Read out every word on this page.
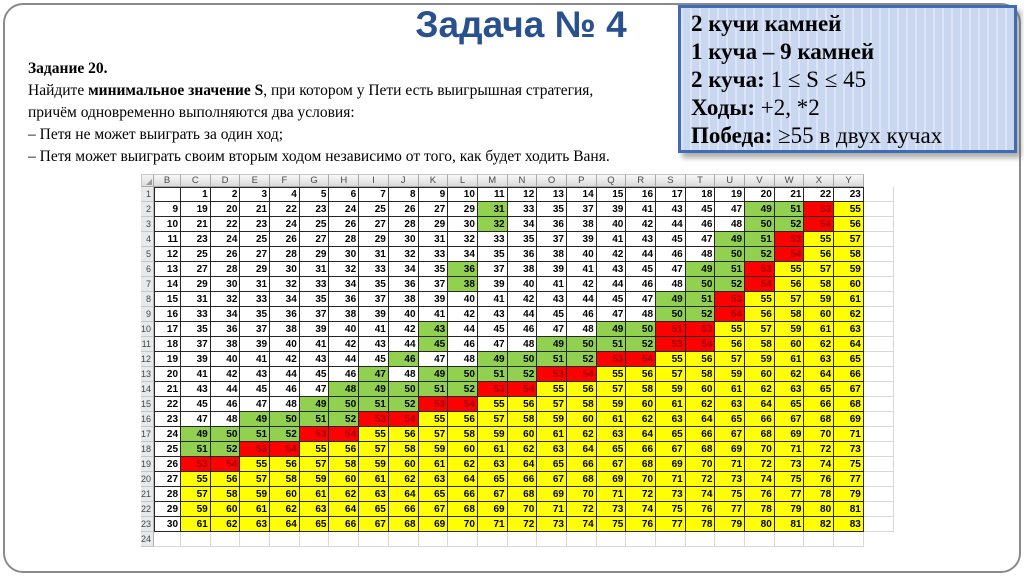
Задача № 4
Задание 20.
Найдите минимальное значение S, при котором у Пети есть выигрышная стратегия,
причём одновременно выполняются два условия:
– Петя не может выиграть за один ход;
– Петя может выиграть своим вторым ходом независимо от того, как будет ходить Ваня.
2 кучи камней
1 куча – 9 камней
2 куча: 1 ≤ S ≤ 45
Ходы: +2, *2
Победа: ≥55 в двух кучах
	B	C	D	E	F	G	H	I	J	K	L	M	N	O	P	Q	R	S	T	U	V	W	X	Y	
1		1	2	3	4	5	6	7	8	9	10	11	12	13	14	15	16	17	18	19	20	21	22	23	
2	9	19	20	21	22	23	24	25	26	27	29	31	33	35	37	39	41	43	45	47	49	51	53	55	
3	10	21	22	23	24	25	26	27	28	29	30	32	34	36	38	40	42	44	46	48	50	52	54	56	
4	11	23	24	25	26	27	28	29	30	31	32	33	35	37	39	41	43	45	47	49	51	53	55	57	
5	12	25	26	27	28	29	30	31	32	33	34	35	36	38	40	42	44	46	48	50	52	54	56	58	
6	13	27	28	29	30	31	32	33	34	35	36	37	38	39	41	43	45	47	49	51	53	55	57	59	
7	14	29	30	31	32	33	34	35	36	37	38	39	40	41	42	44	46	48	50	52	54	56	58	60	
8	15	31	32	33	34	35	36	37	38	39	40	41	42	43	44	45	47	49	51	53	55	57	59	61	
9	16	33	34	35	36	37	38	39	40	41	42	43	44	45	46	47	48	50	52	54	56	58	60	62	
10	17	35	36	37	38	39	40	41	42	43	44	45	46	47	48	49	50	51	53	55	57	59	61	63	
11	18	37	38	39	40	41	42	43	44	45	46	47	48	49	50	51	52	53	54	56	58	60	62	64	
12	19	39	40	41	42	43	44	45	46	47	48	49	50	51	52	53	54	55	56	57	59	61	63	65	
13	20	41	42	43	44	45	46	47	48	49	50	51	52	53	54	55	56	57	58	59	60	62	64	66	
14	21	43	44	45	46	47	48	49	50	51	52	53	54	55	56	57	58	59	60	61	62	63	65	67	
15	22	45	46	47	48	49	50	51	52	53	54	55	56	57	58	59	60	61	62	63	64	65	66	68	
16	23	47	48	49	50	51	52	53	54	55	56	57	58	59	60	61	62	63	64	65	66	67	68	69	
17	24	49	50	51	52	53	54	55	56	57	58	59	60	61	62	63	64	65	66	67	68	69	70	71	
18	25	51	52	53	54	55	56	57	58	59	60	61	62	63	64	65	66	67	68	69	70	71	72	73	
19	26	53	54	55	56	57	58	59	60	61	62	63	64	65	66	67	68	69	70	71	72	73	74	75	
20	27	55	56	57	58	59	60	61	62	63	64	65	66	67	68	69	70	71	72	73	74	75	76	77	
21	28	57	58	59	60	61	62	63	64	65	66	67	68	69	70	71	72	73	74	75	76	77	78	79	
22	29	59	60	61	62	63	64	65	66	67	68	69	70	71	72	73	74	75	76	77	78	79	80	81	
23	30	61	62	63	64	65	66	67	68	69	70	71	72	73	74	75	76	77	78	79	80	81	82	83	
24																									
